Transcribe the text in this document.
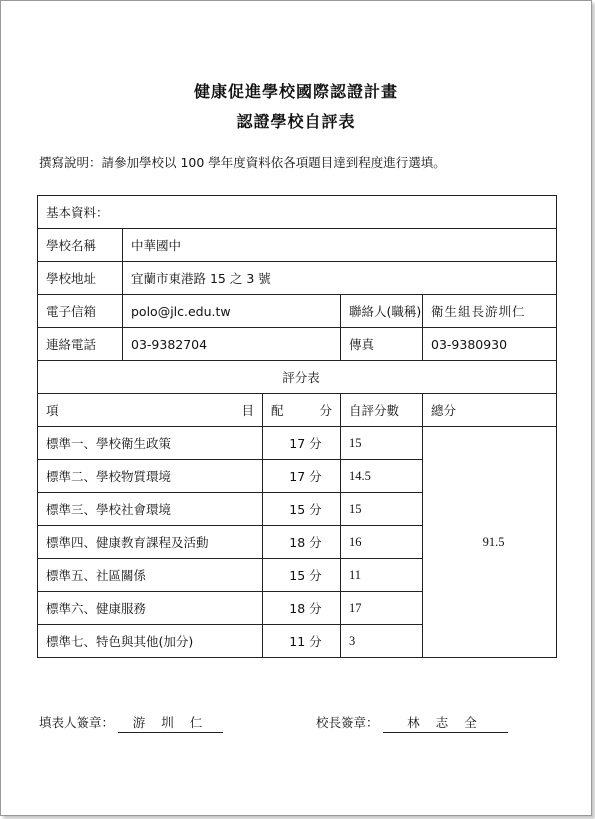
健康促進學校國際認證計畫
認證學校自評表
撰寫說明：請參加學校以 100 學年度資料依各項題目達到程度進行選填。
基本資料：				
學校名稱	中華國中			
學校地址	宜蘭市東港路 15 之 3 號			
電子信箱	polo@jlc.edu.tw		聯絡人(職稱)	衛生組長游圳仁
連絡電話	03-9382704		傳真	03-9380930
評分表				

項 目		配 分	自評分數	總分
標準一、學校衛生政策		17 分	15	91.5
標準二、學校物質環境		17 分	14.5	
標準三、學校社會環境		15 分	15	
標準四、健康教育課程及活動		18 分	16	
標準五、社區關係		15 分	11	
標準六、健康服務		18 分	17	
標準七、特色與其他(加分)		11 分	3	
填表人簽章： 游 圳 仁	校長簽章： 林 志 全
